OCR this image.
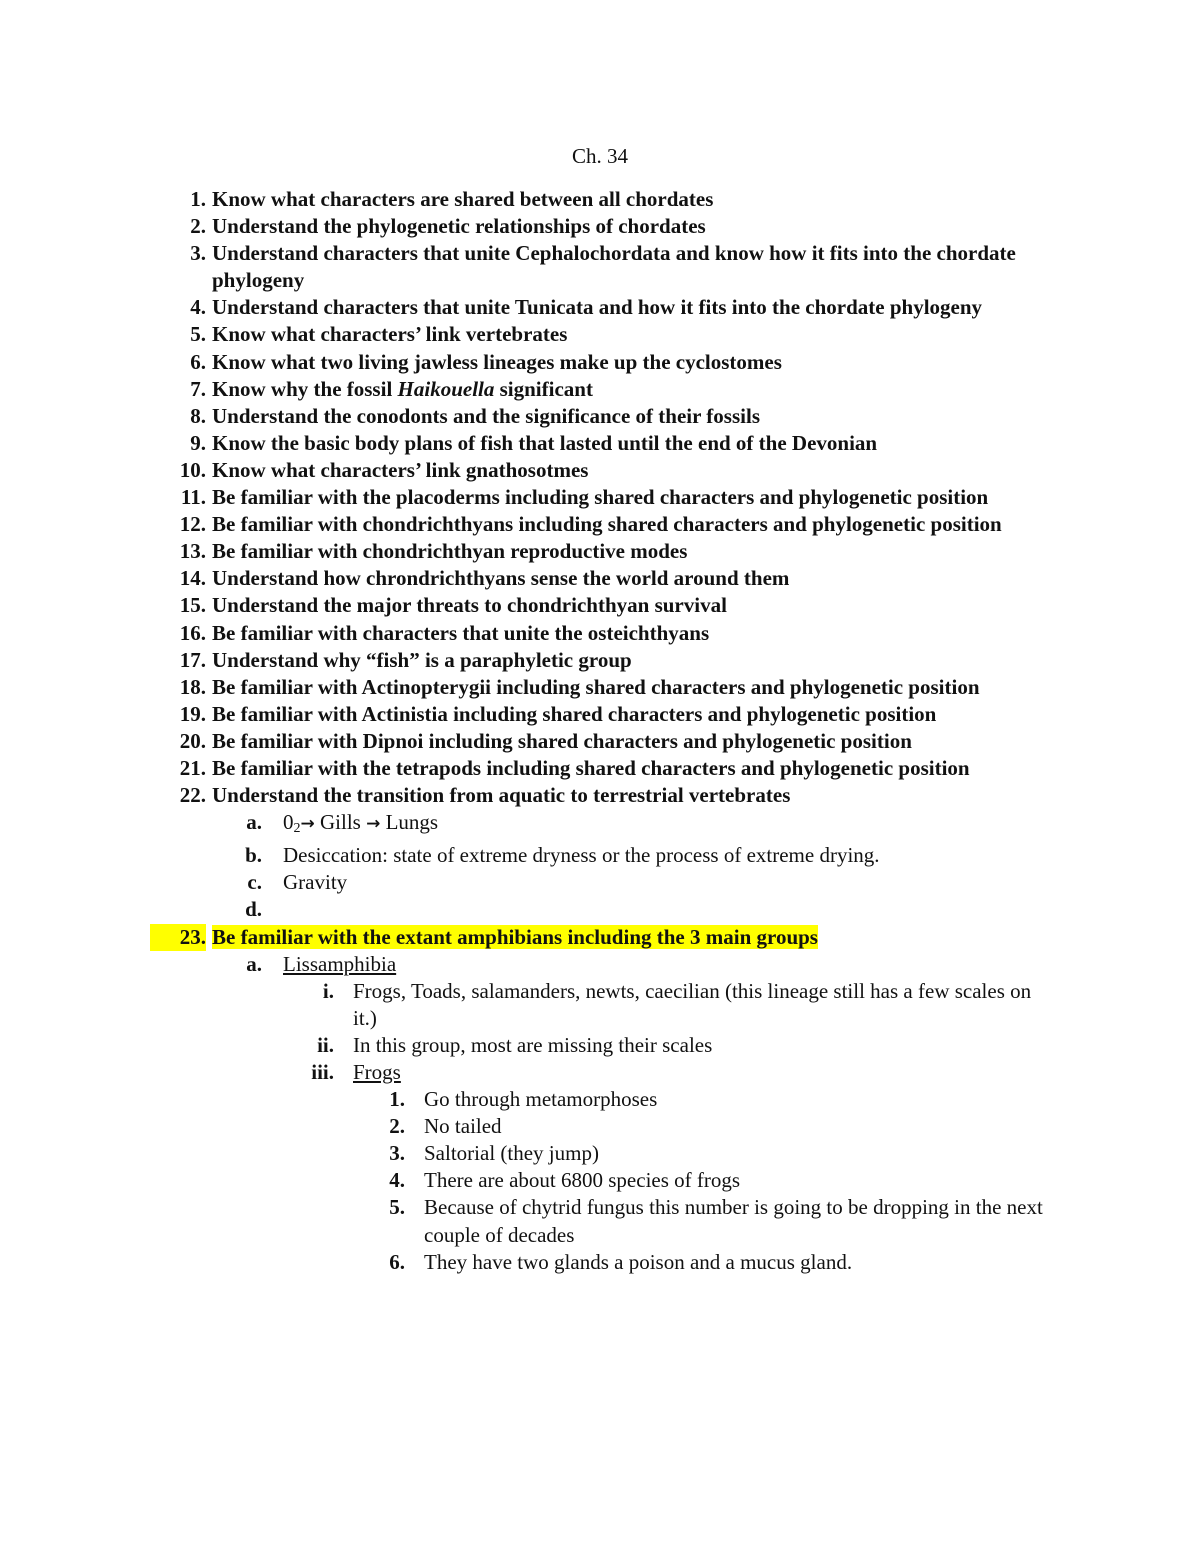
Ch. 34
1. Know what characters are shared between all chordates
2. Understand the phylogenetic relationships of chordates
3. Understand characters that unite Cephalochordata and know how it fits into the chordate phylogeny
4. Understand characters that unite Tunicata and how it fits into the chordate phylogeny
5. Know what characters’ link vertebrates
6. Know what two living jawless lineages make up the cyclostomes
7. Know why the fossil Haikouella significant
8. Understand the conodonts and the significance of their fossils
9. Know the basic body plans of fish that lasted until the end of the Devonian
10. Know what characters’ link gnathosotmes
11. Be familiar with the placoderms including shared characters and phylogenetic position
12. Be familiar with chondrichthyans including shared characters and phylogenetic position
13. Be familiar with chondrichthyan reproductive modes
14. Understand how chrondrichthyans sense the world around them
15. Understand the major threats to chondrichthyan survival
16. Be familiar with characters that unite the osteichthyans
17. Understand why “fish” is a paraphyletic group
18. Be familiar with Actinopterygii including shared characters and phylogenetic position
19. Be familiar with Actinistia including shared characters and phylogenetic position
20. Be familiar with Dipnoi including shared characters and phylogenetic position
21. Be familiar with the tetrapods including shared characters and phylogenetic position
22. Understand the transition from aquatic to terrestrial vertebrates
a. $0_2\to$ Gills → Lungs
b. Desiccation: state of extreme dryness or the process of extreme drying.
c. Gravity
d.

23. Be familiar with the extant amphibians including the 3 main groups
a. Lissamphibia
i. Frogs, Toads, salamanders, newts, caecilian (this lineage still has a few scales on it.)
ii. In this group, most are missing their scales
iii. Frogs
1. Go through metamorphoses
2. No tailed
3. Saltorial (they jump)
4. There are about 6800 species of frogs
5. Because of chytrid fungus this number is going to be dropping in the next couple of decades
6. They have two glands a poison and a mucus gland.
